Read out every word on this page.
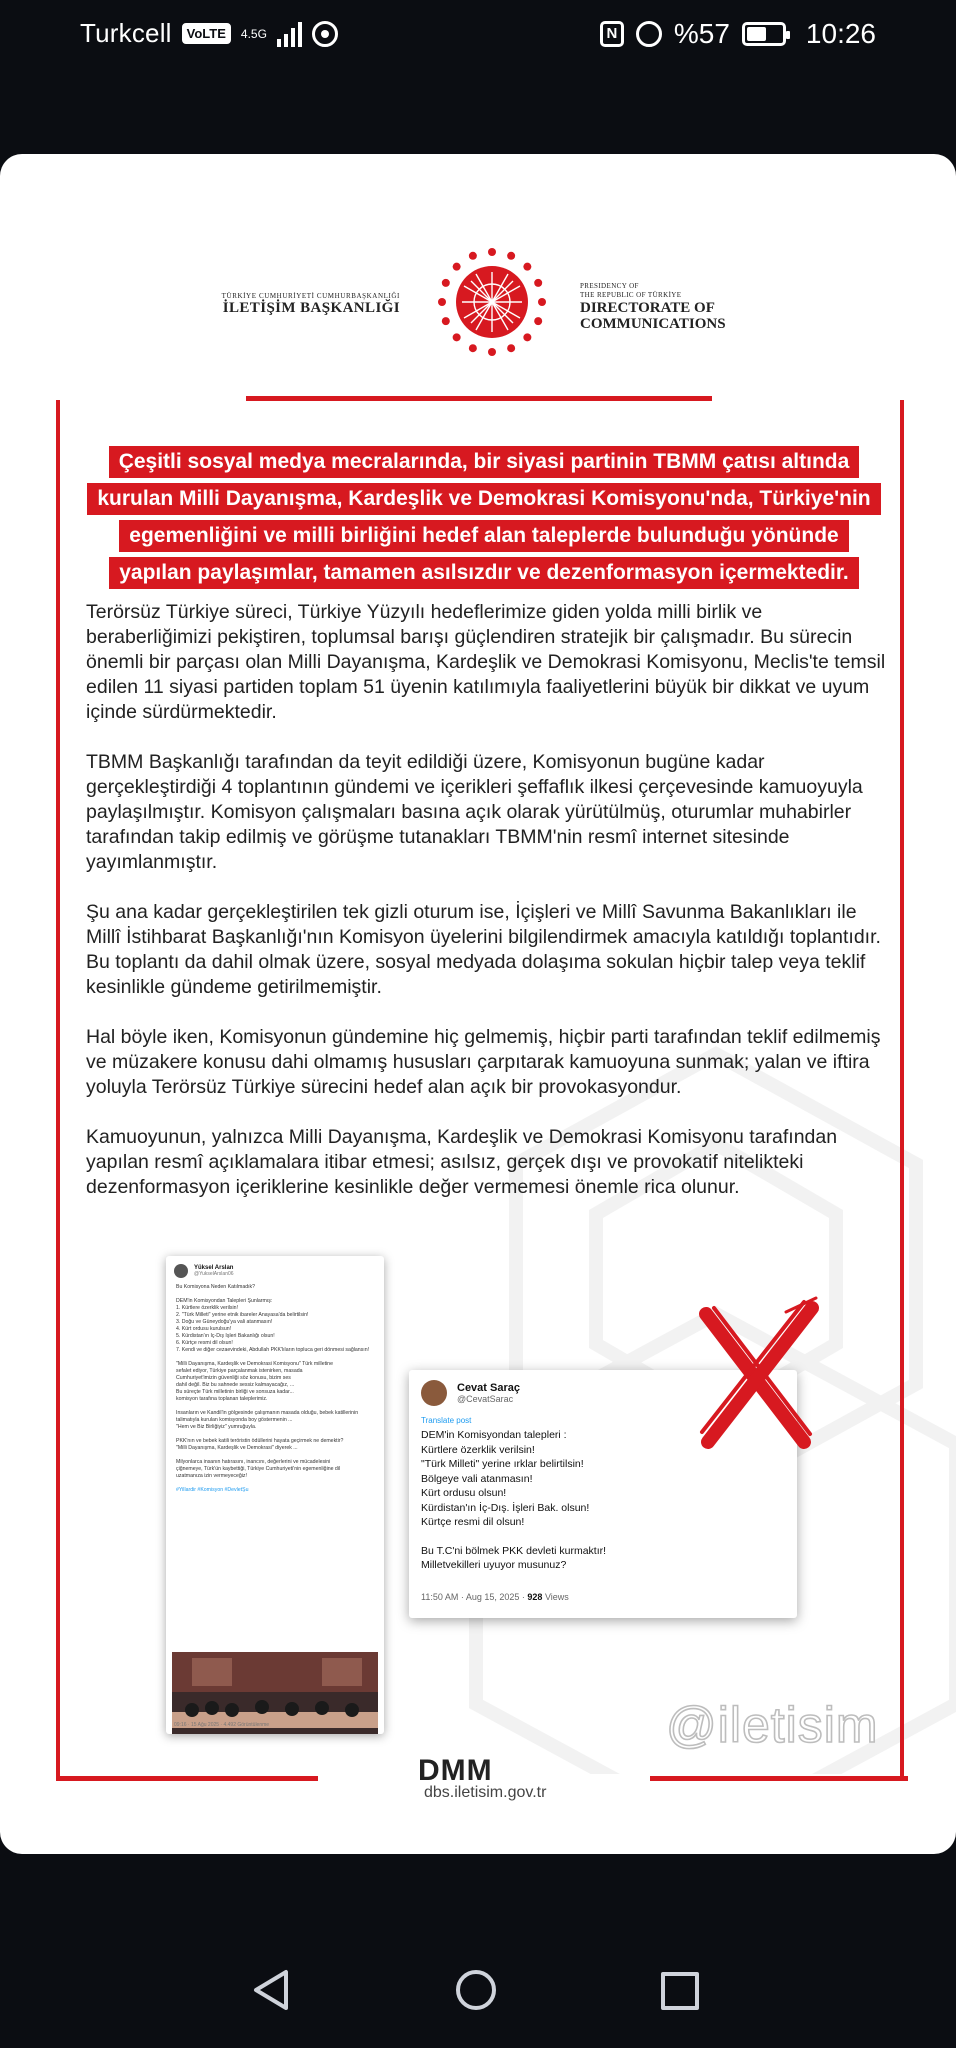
Turkcell	VoLTE	4.5G	N %57	10:26
TÜRKİYE CUMHURİYETİ CUMHURBAŞKANLIĞI
İLETİŞİM BAŞKANLIĞI
PRESIDENCY OF
THE REPUBLIC OF TÜRKİYE
DIRECTORATE OF
COMMUNICATIONS
Çeşitli sosyal medya mecralarında, bir siyasi partinin TBMM çatısı altında
kurulan Milli Dayanışma, Kardeşlik ve Demokrasi Komisyonu'nda, Türkiye'nin
egemenliğini ve milli birliğini hedef alan taleplerde bulunduğu yönünde
yapılan paylaşımlar, tamamen asılsızdır ve dezenformasyon içermektedir.

Terörsüz Türkiye süreci, Türkiye Yüzyılı hedeflerimize giden yolda milli birlik ve beraberliğimizi pekiştiren, toplumsal barışı güçlendiren stratejik bir çalışmadır. Bu sürecin önemli bir parçası olan Milli Dayanışma, Kardeşlik ve Demokrasi Komisyonu, Meclis'te temsil edilen 11 siyasi partiden toplam 51 üyenin katılımıyla faaliyetlerini büyük bir dikkat ve uyum içinde sürdürmektedir.

TBMM Başkanlığı tarafından da teyit edildiği üzere, Komisyonun bugüne kadar gerçekleştirdiği 4 toplantının gündemi ve içerikleri şeffaflık ilkesi çerçevesinde kamuoyuyla paylaşılmıştır. Komisyon çalışmaları basına açık olarak yürütülmüş, oturumlar muhabirler tarafından takip edilmiş ve görüşme tutanakları TBMM'nin resmî internet sitesinde yayımlanmıştır.

Şu ana kadar gerçekleştirilen tek gizli oturum ise, İçişleri ve Millî Savunma Bakanlıkları ile Millî İstihbarat Başkanlığı'nın Komisyon üyelerini bilgilendirmek amacıyla katıldığı toplantıdır. Bu toplantı da dahil olmak üzere, sosyal medyada dolaşıma sokulan hiçbir talep veya teklif kesinlikle gündeme getirilmemiştir.

Hal böyle iken, Komisyonun gündemine hiç gelmemiş, hiçbir parti tarafından teklif edilmemiş ve müzakere konusu dahi olmamış hususları çarpıtarak kamuoyuna sunmak; yalan ve iftira yoluyla Terörsüz Türkiye sürecini hedef alan açık bir provokasyondur.

Kamuoyunun, yalnızca Milli Dayanışma, Kardeşlik ve Demokrasi Komisyonu tarafından yapılan resmî açıklamalara itibar etmesi; asılsız, gerçek dışı ve provokatif nitelikteki dezenformasyon içeriklerine kesinlikle değer vermemesi önemle rica olunur.

Yüksel Arslan
@YukselArslan06
Bu Komisyona Neden Katılmadık?

DEM'in Komisyondan Talepleri Şunlarmış:
1. Kürtlere özerklik verilsin!
2. "Türk Milleti" yerine etnik ibareler Anayasa'da belirtilsin!
3. Doğu ve Güneydoğu'ya vali atanmasın!
4. Kürt ordusu kurulsun!
5. Kürdistan'ın İç-Dış İşleri Bakanlığı olsun!
6. Kürtçe resmi dil olsun!
7. Kendi ve diğer cezaevindeki, Abdullah PKK'lıların topluca geri dönmesi sağlansın!

"Milli Dayanışma, Kardeşlik ve Demokrasi Komisyonu" Türk milletine
sefalet ediyor, Türkiye parçalanmak istenirken, masada
Cumhuriyet'imizin güvenliği söz konusu, bizim ses
dahil değil. Biz bu sahnede sessiz kalmayacağız, ...
Bu süreçte Türk milletinin birliği ve sonsuza kadar...
komisyon tarafına toplanan taleplerimiz.

İnsanların ve Kandil'in gölgesinde çalışmanın masada olduğu, bebek katillerinin
talimatıyla kurulan komisyonda boy göstermenin ...
"Hem ve Biz Birliğiyiz" yumruğuyla.

PKK'nın ve bebek katili teröristin ödüllerini hayata geçirmek ne demektir?
"Milli Dayanışma, Kardeşlik ve Demokrasi" diyerek ...

Milyonlarca insanın hatırasını, inancını, değerlerini ve mücadelesini
çiğnemeye, Türk'ün kaybettiği, Türkiye Cumhuriyeti'nin egemenliğine dil
uzatmanıza izin vermeyeceğiz!

#Yillardir #Komisyon #DevletŞu
09:16 · 15 Ağu 2025 · 4.492 Görüntülenme
Cevat Saraç
@CevatSarac
Translate post
DEM'in Komisyondan talepleri :
Kürtlere özerklik verilsin!
"Türk Milleti" yerine ırklar belirtilsin!
Bölgeye vali atanmasın!
Kürt ordusu olsun!
Kürdistan'ın İç-Dış. İşleri Bak. olsun!
Kürtçe resmi dil olsun!
Bu T.C'ni bölmek PKK devleti kurmaktır!
Milletvekilleri uyuyor musunuz?
11:50 AM · Aug 15, 2025 · 928 Views
@iletisim
DMM
dbs.iletisim.gov.tr
